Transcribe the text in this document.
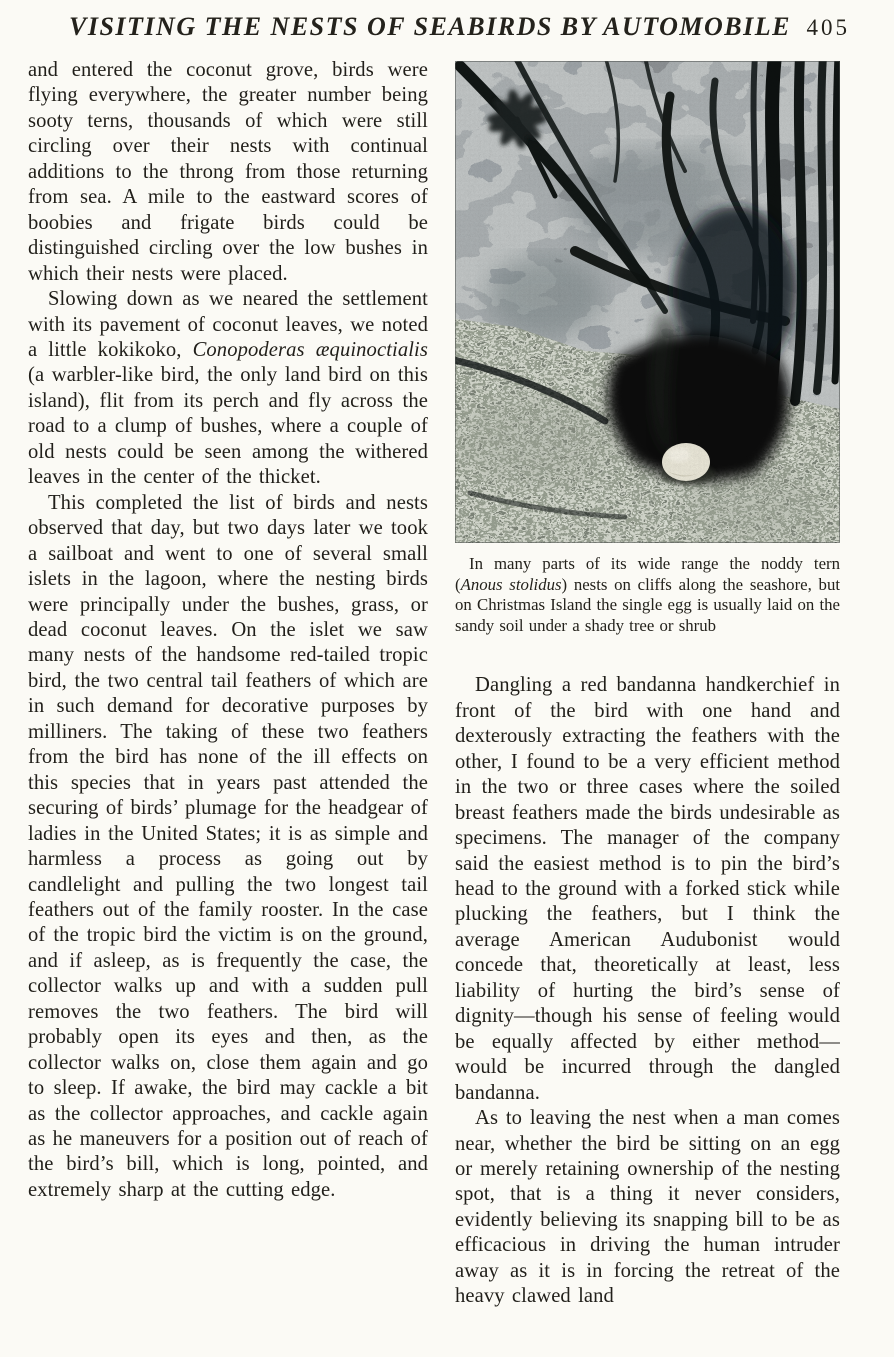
VISITING THE NESTS OF SEABIRDS BY AUTOMOBILE 405

and entered the coconut grove, birds were flying everywhere, the greater number being sooty terns, thousands of which were still circling over their nests with continual additions to the throng from those returning from sea. A mile to the eastward scores of boobies and frigate birds could be distinguished circling over the low bushes in which their nests were placed.

Slowing down as we neared the settlement with its pavement of coconut leaves, we noted a little kokikoko, Conopoderas æquinoctialis (a warbler-like bird, the only land bird on this island), flit from its perch and fly across the road to a clump of bushes, where a couple of old nests could be seen among the withered leaves in the center of the thicket.

This completed the list of birds and nests observed that day, but two days later we took a sailboat and went to one of several small islets in the lagoon, where the nesting birds were principally under the bushes, grass, or dead coconut leaves. On the islet we saw many nests of the handsome red-tailed tropic bird, the two central tail feathers of which are in such demand for decorative purposes by milliners. The taking of these two feathers from the bird has none of the ill effects on this species that in years past attended the securing of birds’ plumage for the headgear of ladies in the United States; it is as simple and harmless a process as going out by candlelight and pulling the two longest tail feathers out of the family rooster. In the case of the tropic bird the victim is on the ground, and if asleep, as is frequently the case, the collector walks up and with a sudden pull removes the two feathers. The bird will probably open its eyes and then, as the collector walks on, close them again and go to sleep. If awake, the bird may cackle a bit as the collector approaches, and cackle again as he maneuvers for a position out of reach of the bird’s bill, which is long, pointed, and extremely sharp at the cutting edge.

In many parts of its wide range the noddy tern (Anous stolidus) nests on cliffs along the seashore, but on Christmas Island the single egg is usually laid on the sandy soil under a shady tree or shrub

Dangling a red bandanna handkerchief in front of the bird with one hand and dexterously extracting the feathers with the other, I found to be a very efficient method in the two or three cases where the soiled breast feathers made the birds undesirable as specimens. The manager of the company said the easiest method is to pin the bird’s head to the ground with a forked stick while plucking the feathers, but I think the average American Audubonist would concede that, theoretically at least, less liability of hurting the bird’s sense of dignity—though his sense of feeling would be equally affected by either method—would be incurred through the dangled bandanna.

As to leaving the nest when a man comes near, whether the bird be sitting on an egg or merely retaining ownership of the nesting spot, that is a thing it never considers, evidently believing its snapping bill to be as efficacious in driving the human intruder away as it is in forcing the retreat of the heavy clawed land
